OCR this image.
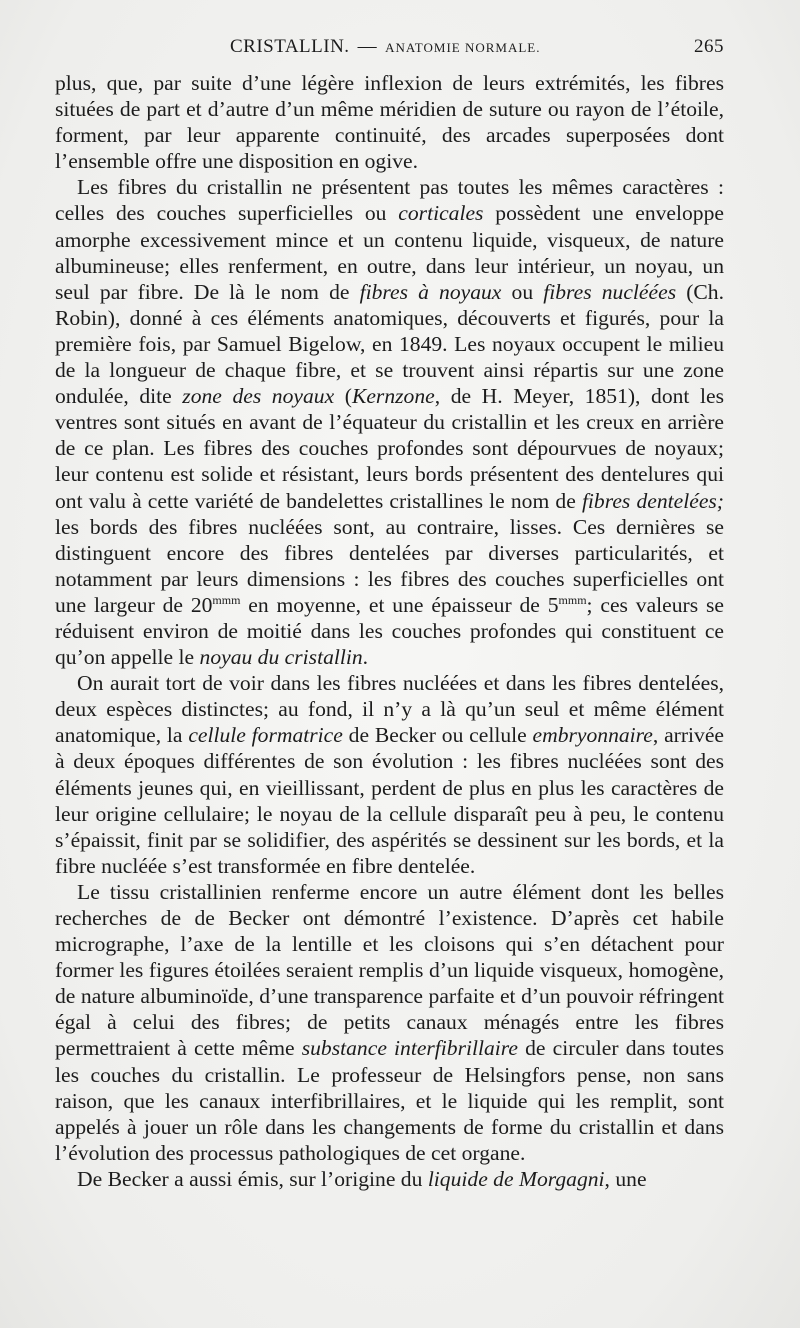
CRISTALLIN. — ANATOMIE NORMALE.	265

plus, que, par suite d’une légère inflexion de leurs extrémités, les fibres situées de part et d’autre d’un même méridien de suture ou rayon de l’étoile, forment, par leur apparente continuité, des arcades superposées dont l’ensemble offre une disposition en ogive.

Les fibres du cristallin ne présentent pas toutes les mêmes caractères : celles des couches superficielles ou corticales possèdent une enveloppe amorphe excessivement mince et un contenu liquide, visqueux, de nature albumineuse; elles renferment, en outre, dans leur intérieur, un noyau, un seul par fibre. De là le nom de fibres à noyaux ou fibres nucléées (Ch. Robin), donné à ces éléments anatomiques, découverts et figurés, pour la première fois, par Samuel Bigelow, en 1849. Les noyaux occupent le milieu de la longueur de chaque fibre, et se trouvent ainsi répartis sur une zone ondulée, dite zone des noyaux (Kernzone, de H. Meyer, 1851), dont les ventres sont situés en avant de l’équateur du cristallin et les creux en arrière de ce plan. Les fibres des couches profondes sont dépourvues de noyaux; leur contenu est solide et résistant, leurs bords présentent des dentelures qui ont valu à cette variété de bandelettes cristallines le nom de fibres dentelées; les bords des fibres nucléées sont, au contraire, lisses. Ces dernières se distinguent encore des fibres dentelées par diverses particularités, et notamment par leurs dimensions : les fibres des couches superficielles ont une largeur de $20^{mmm}$ en moyenne, et une épaisseur de $5^{mmm}$; ces valeurs se réduisent environ de moitié dans les couches profondes qui constituent ce qu’on appelle le noyau du cristallin.

On aurait tort de voir dans les fibres nucléées et dans les fibres dentelées, deux espèces distinctes; au fond, il n’y a là qu’un seul et même élément anatomique, la cellule formatrice de Becker ou cellule embryonnaire, arrivée à deux époques différentes de son évolution : les fibres nucléées sont des éléments jeunes qui, en vieillissant, perdent de plus en plus les caractères de leur origine cellulaire; le noyau de la cellule disparaît peu à peu, le contenu s’épaissit, finit par se solidifier, des aspérités se dessinent sur les bords, et la fibre nucléée s’est transformée en fibre dentelée.

Le tissu cristallinien renferme encore un autre élément dont les belles recherches de de Becker ont démontré l’existence. D’après cet habile micrographe, l’axe de la lentille et les cloisons qui s’en détachent pour former les figures étoilées seraient remplis d’un liquide visqueux, homogène, de nature albuminoïde, d’une transparence parfaite et d’un pouvoir réfringent égal à celui des fibres; de petits canaux ménagés entre les fibres permettraient à cette même substance interfibrillaire de circuler dans toutes les couches du cristallin. Le professeur de Helsingfors pense, non sans raison, que les canaux interfibrillaires, et le liquide qui les remplit, sont appelés à jouer un rôle dans les changements de forme du cristallin et dans l’évolution des processus pathologiques de cet organe.

De Becker a aussi émis, sur l’origine du liquide de Morgagni, une
